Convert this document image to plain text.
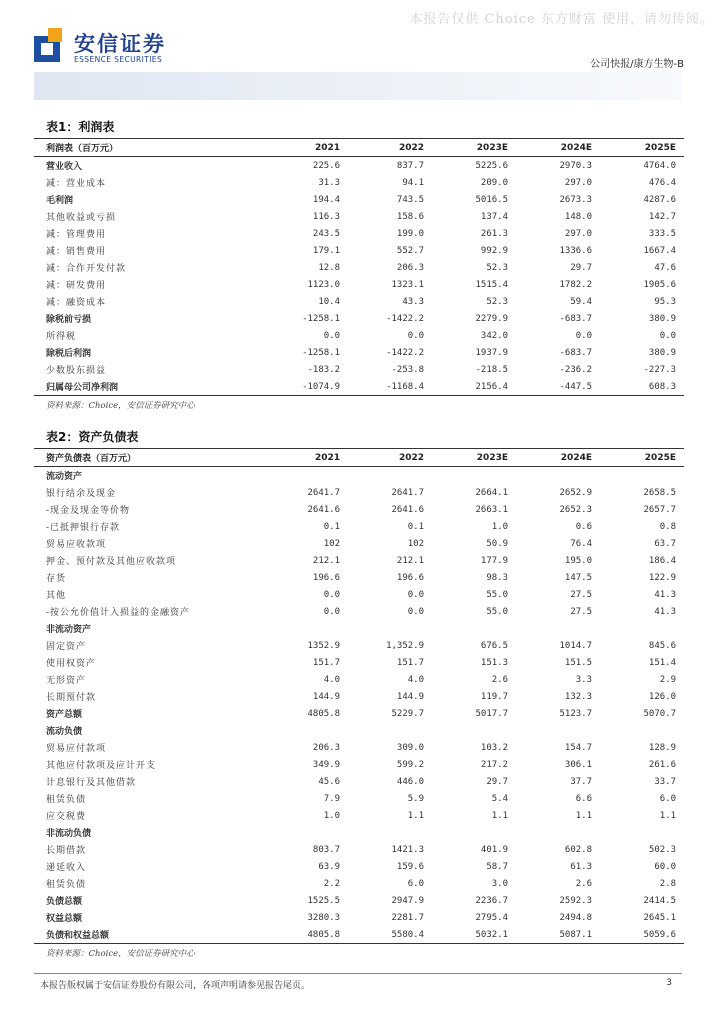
本报告仅供 Choice 东方财富 使用，请勿传阅。
安信证券
ESSENCE SECURITIES	公司快报/康方生物-B
表1：利润表
利润表（百万元）	2021	2022	2023E	2024E	2025E
营业收入	225.6	837.7	5225.6	2970.3	4764.0
减：营业成本	31.3	94.1	209.0	297.0	476.4
毛利润	194.4	743.5	5016.5	2673.3	4287.6
其他收益或亏损	116.3	158.6	137.4	148.0	142.7
减：管理费用	243.5	199.0	261.3	297.0	333.5
减：销售费用	179.1	552.7	992.9	1336.6	1667.4
减：合作开发付款	12.8	206.3	52.3	29.7	47.6
减：研发费用	1123.0	1323.1	1515.4	1782.2	1905.6
减：融资成本	10.4	43.3	52.3	59.4	95.3
除税前亏损	-1258.1	-1422.2	2279.9	-683.7	380.9
所得税	0.0	0.0	342.0	0.0	0.0
除税后利润	-1258.1	-1422.2	1937.9	-683.7	380.9
少数股东损益	-183.2	-253.8	-218.5	-236.2	-227.3
归属母公司净利润	-1074.9	-1168.4	2156.4	-447.5	608.3
资料来源：Choice，安信证券研究中心
表2：资产负债表
资产负债表（百万元）	2021	2022	2023E	2024E	2025E
流动资产					
银行结余及现金	2641.7	2641.7	2664.1	2652.9	2658.5
-现金及现金等价物	2641.6	2641.6	2663.1	2652.3	2657.7
-已抵押银行存款	0.1	0.1	1.0	0.6	0.8
贸易应收款项	102	102	50.9	76.4	63.7
押金、预付款及其他应收款项	212.1	212.1	177.9	195.0	186.4
存货	196.6	196.6	98.3	147.5	122.9
其他	0.0	0.0	55.0	27.5	41.3
-按公允价值计入损益的金融资产	0.0	0.0	55.0	27.5	41.3
非流动资产					
固定资产	1352.9	1,352.9	676.5	1014.7	845.6
使用权资产	151.7	151.7	151.3	151.5	151.4
无形资产	4.0	4.0	2.6	3.3	2.9
长期预付款	144.9	144.9	119.7	132.3	126.0
资产总额	4805.8	5229.7	5017.7	5123.7	5070.7
流动负债					
贸易应付款项	206.3	309.0	103.2	154.7	128.9
其他应付款项及应计开支	349.9	599.2	217.2	306.1	261.6
计息银行及其他借款	45.6	446.0	29.7	37.7	33.7
租赁负债	7.9	5.9	5.4	6.6	6.0
应交税费	1.0	1.1	1.1	1.1	1.1
非流动负债					
长期借款	803.7	1421.3	401.9	602.8	502.3
递延收入	63.9	159.6	58.7	61.3	60.0
租赁负债	2.2	6.0	3.0	2.6	2.8
负债总额	1525.5	2947.9	2236.7	2592.3	2414.5
权益总额	3280.3	2281.7	2795.4	2494.8	2645.1
负债和权益总额	4805.8	5580.4	5032.1	5087.1	5059.6
资料来源：Choice，安信证券研究中心
本报告版权属于安信证券股份有限公司，各项声明请参见报告尾页。	3
